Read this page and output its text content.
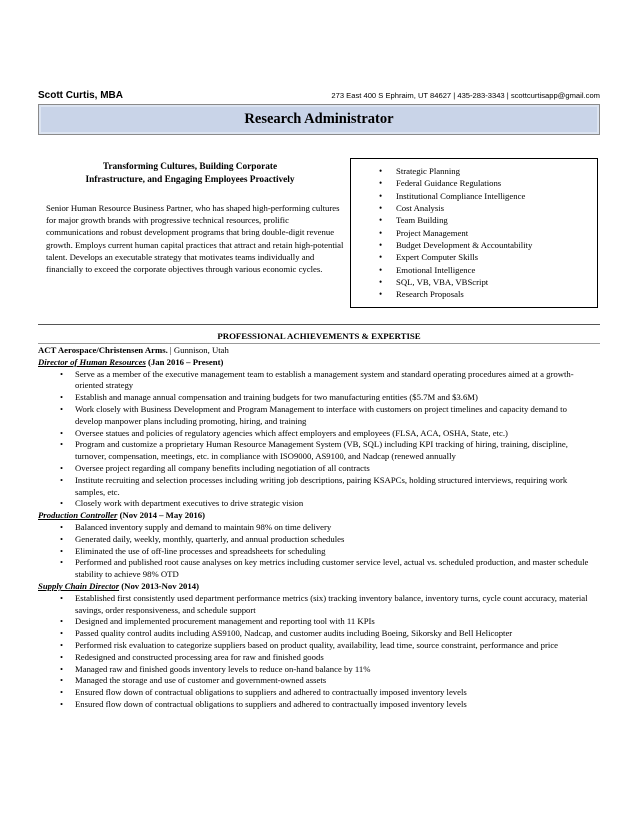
Scott Curtis, MBA	273 East 400 S Ephraim, UT 84627 | 435-283-3343 | scottcurtisapp@gmail.com
Research Administrator
Transforming Cultures, Building Corporate
Infrastructure, and Engaging Employees Proactively
Senior Human Resource Business Partner, who has shaped high-performing cultures for major growth brands with progressive technical resources, prolific communications and robust development programs that bring double-digit revenue growth. Employs current human capital practices that attract and retain high-potential talent. Develops an executable strategy that motivates teams individually and financially to exceed the corporate objectives through various economic cycles.
• Strategic Planning
• Federal Guidance Regulations
• Institutional Compliance Intelligence
• Cost Analysis
• Team Building
• Project Management
• Budget Development & Accountability
• Expert Computer Skills
• Emotional Intelligence
• SQL, VB, VBA, VBScript
• Research Proposals
PROFESSIONAL ACHIEVEMENTS & EXPERTISE
ACT Aerospace/Christensen Arms. | Gunnison, Utah
Director of Human Resources (Jan 2016 – Present)
• Serve as a member of the executive management team to establish a management system and standard operating procedures aimed at a growth-oriented strategy
• Establish and manage annual compensation and training budgets for two manufacturing entities ($5.7M and $3.6M)
• Work closely with Business Development and Program Management to interface with customers on project timelines and capacity demand to develop manpower plans including promoting, hiring, and training
• Oversee statues and policies of regulatory agencies which affect employers and employees (FLSA, ACA, OSHA, State, etc.)
• Program and customize a proprietary Human Resource Management System (VB, SQL) including KPI tracking of hiring, training, discipline, turnover, compensation, meetings, etc. in compliance with ISO9000, AS9100, and Nadcap (renewed annually
• Oversee project regarding all company benefits including negotiation of all contracts
• Institute recruiting and selection processes including writing job descriptions, pairing KSAPCs, holding structured interviews, requiring work samples, etc.
• Closely work with department executives to drive strategic vision
Production Controller (Nov 2014 – May 2016)
• Balanced inventory supply and demand to maintain 98% on time delivery
• Generated daily, weekly, monthly, quarterly, and annual production schedules
• Eliminated the use of off-line processes and spreadsheets for scheduling
• Performed and published root cause analyses on key metrics including customer service level, actual vs. scheduled production, and master schedule stability to achieve 98% OTD
Supply Chain Director (Nov 2013-Nov 2014)
• Established first consistently used department performance metrics (six) tracking inventory balance, inventory turns, cycle count accuracy, material savings, order responsiveness, and schedule support
• Designed and implemented procurement management and reporting tool with 11 KPIs
• Passed quality control audits including AS9100, Nadcap, and customer audits including Boeing, Sikorsky and Bell Helicopter
• Performed risk evaluation to categorize suppliers based on product quality, availability, lead time, source constraint, performance and price
• Redesigned and constructed processing area for raw and finished goods
• Managed raw and finished goods inventory levels to reduce on-hand balance by 11%
• Managed the storage and use of customer and government-owned assets
• Ensured flow down of contractual obligations to suppliers and adhered to contractually imposed inventory levels
• Ensured flow down of contractual obligations to suppliers and adhered to contractually imposed inventory levels
